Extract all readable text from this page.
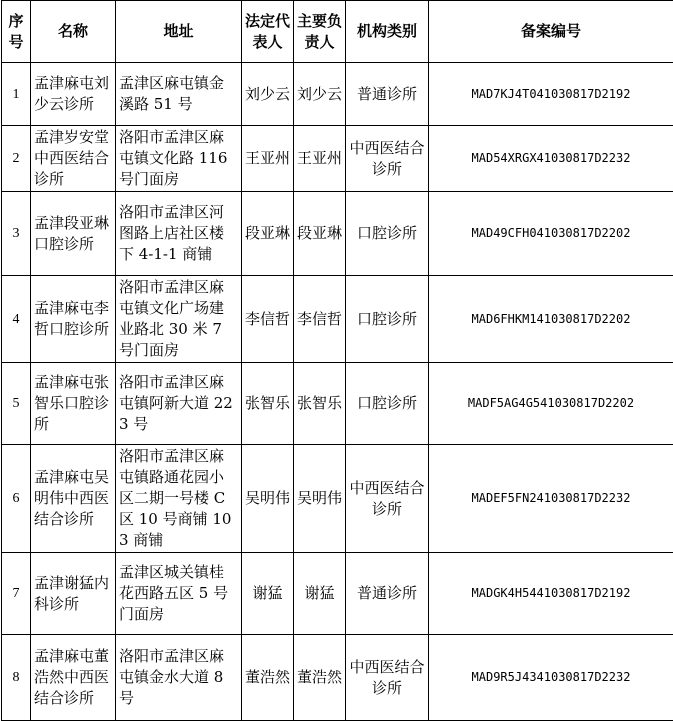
序号	名称	地址	法定代表人	主要负责人	机构类别	备案编号
1	孟津麻屯刘少云诊所	孟津区麻屯镇金溪路 51 号	刘少云	刘少云	普通诊所	MAD7KJ4T041030817D2192
2	孟津岁安堂中西医结合诊所	洛阳市孟津区麻屯镇文化路 116 号门面房	王亚州	王亚州	中西医结合诊所	MAD54XRGX41030817D2232
3	孟津段亚琳口腔诊所	洛阳市孟津区河图路上店社区楼下 4-1-1 商铺	段亚琳	段亚琳	口腔诊所	MAD49CFH041030817D2202
4	孟津麻屯李哲口腔诊所	洛阳市孟津区麻屯镇文化广场建业路北 30 米 7 号门面房	李信哲	李信哲	口腔诊所	MAD6FHKM141030817D2202
5	孟津麻屯张智乐口腔诊所	洛阳市孟津区麻屯镇阿新大道 223 号	张智乐	张智乐	口腔诊所	MADF5AG4G541030817D2202
6	孟津麻屯吴明伟中西医结合诊所	洛阳市孟津区麻屯镇路通花园小区二期一号楼 C 区 10 号商铺 103 商铺	吴明伟	吴明伟	中西医结合诊所	MADEF5FN241030817D2232
7	孟津谢猛内科诊所	孟津区城关镇桂花西路五区 5 号门面房	谢猛	谢猛	普通诊所	MADGK4H5441030817D2192
8	孟津麻屯董浩然中西医结合诊所	洛阳市孟津区麻屯镇金水大道 8 号	董浩然	董浩然	中西医结合诊所	MAD9R5J4341030817D2232
